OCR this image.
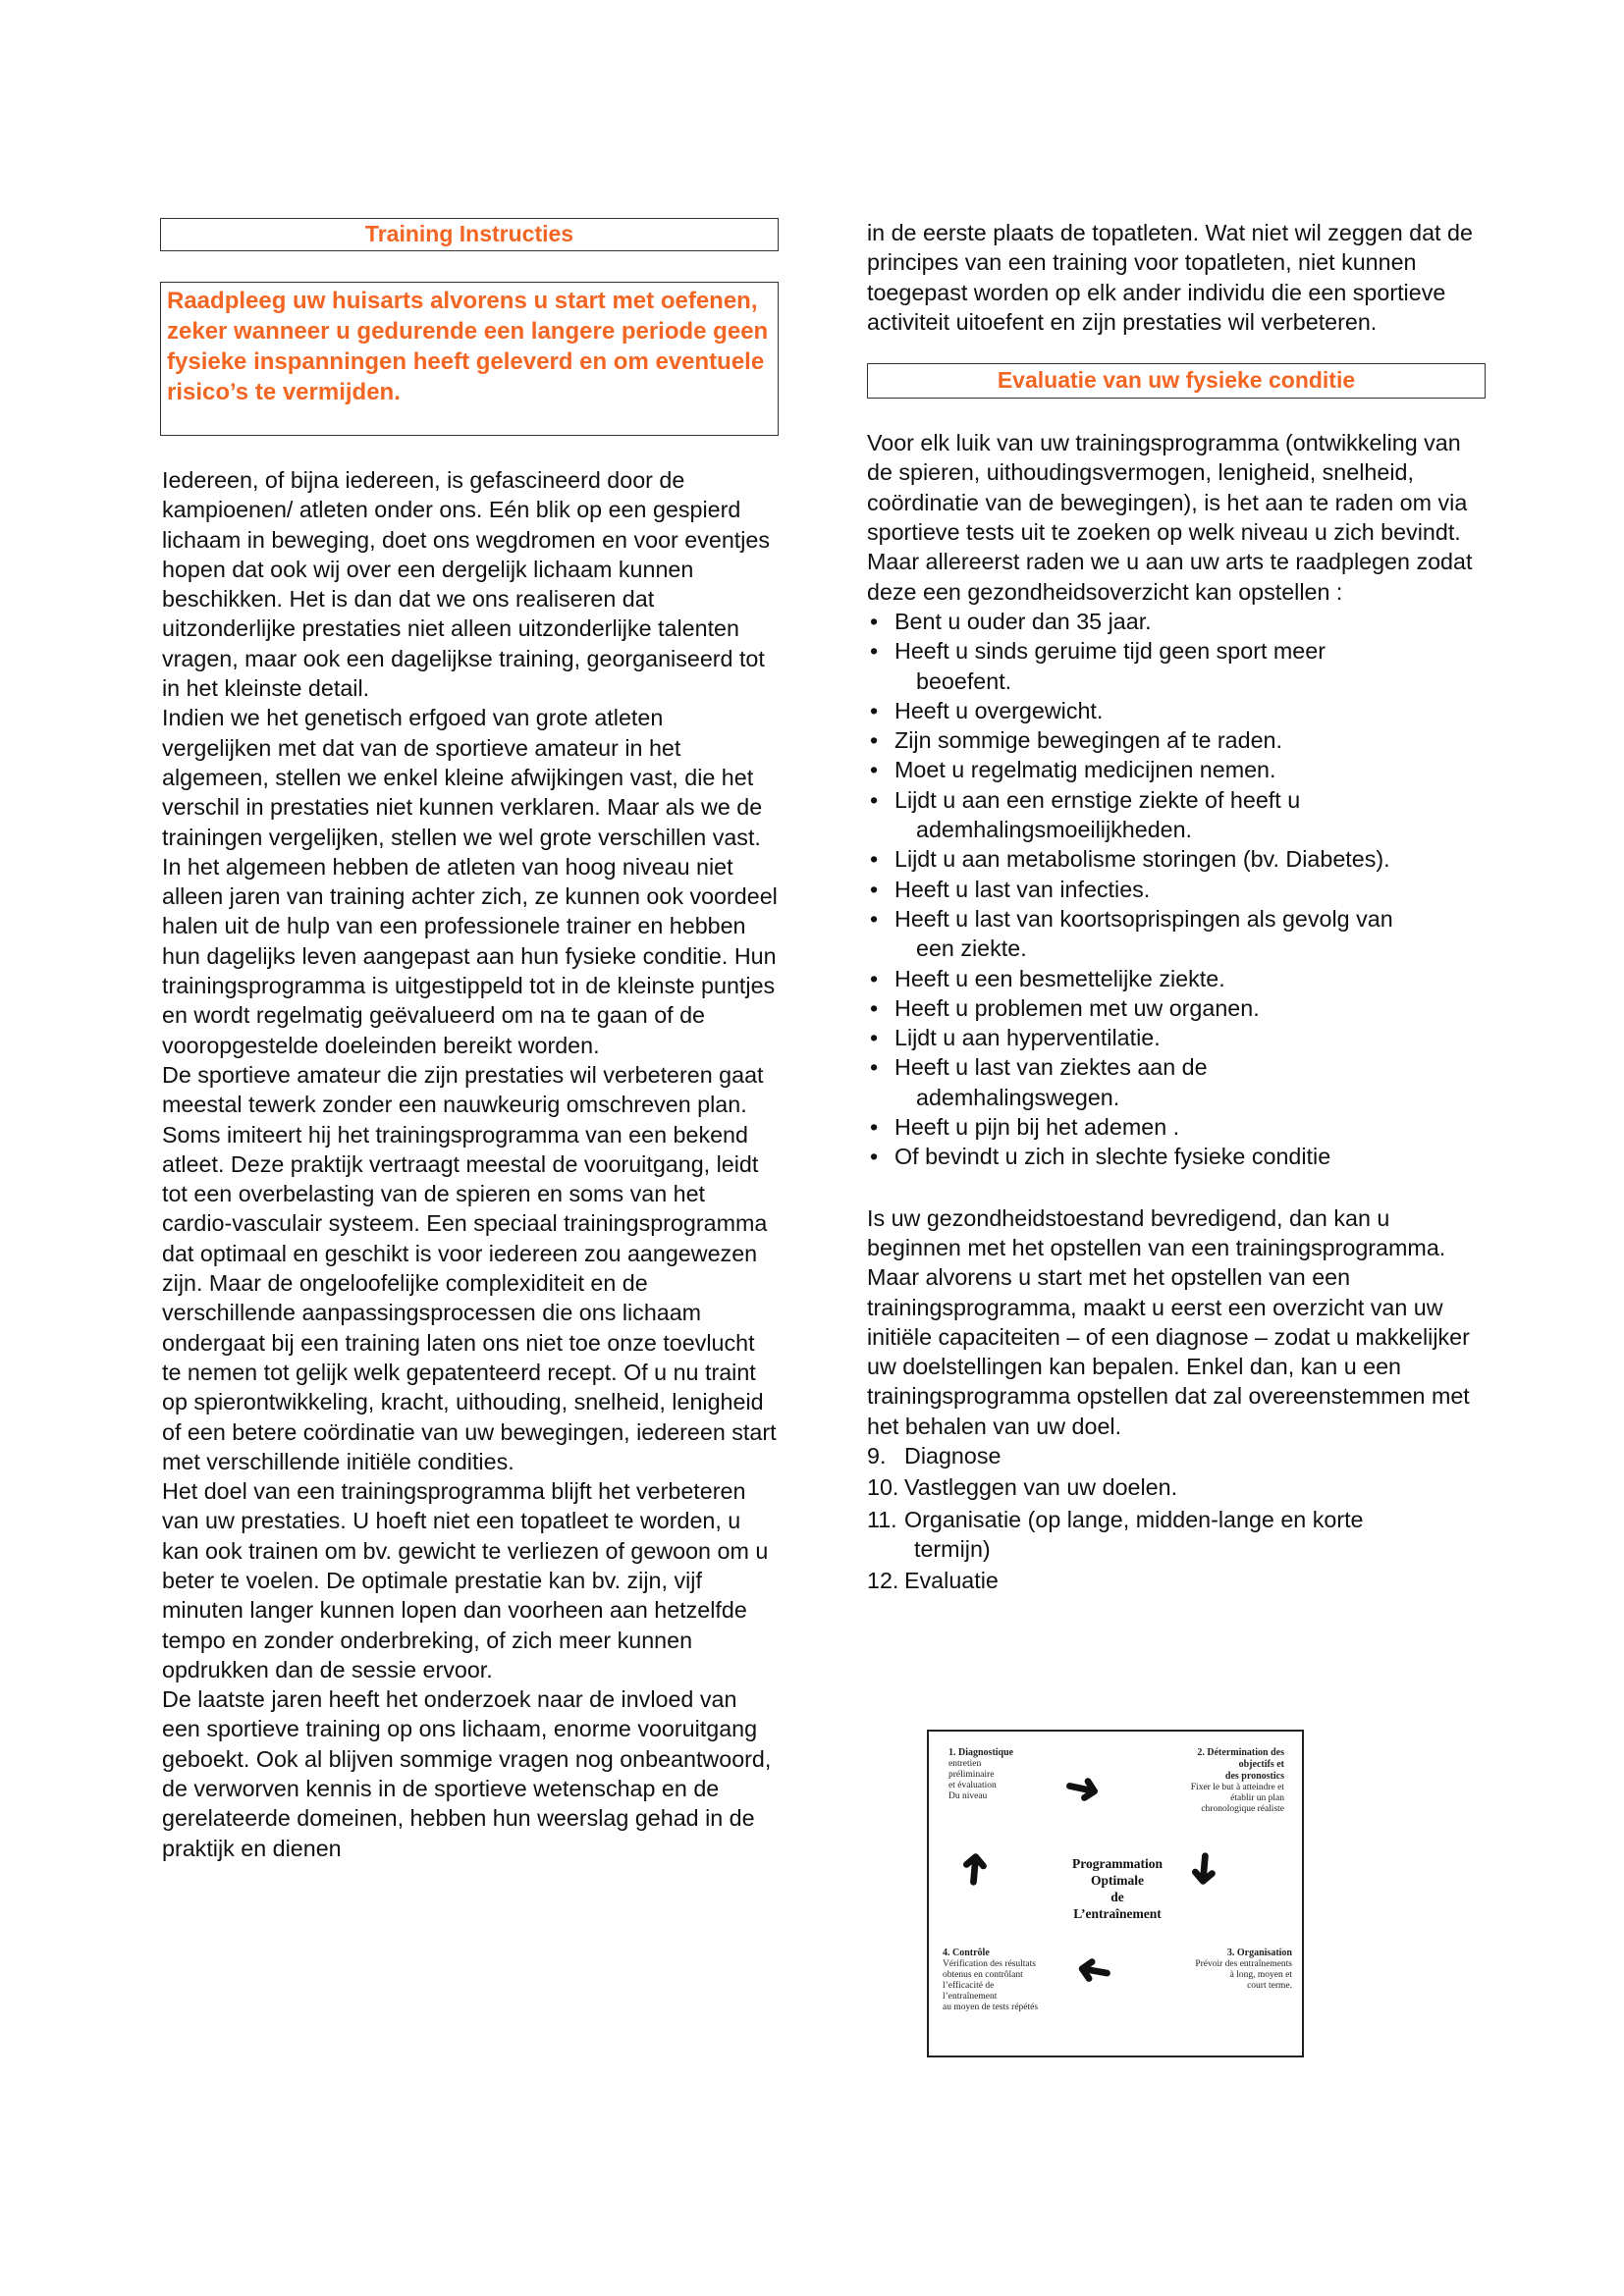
Training Instructies
Raadpleeg uw huisarts alvorens u start met oefenen, zeker wanneer u gedurende een langere periode geen fysieke inspanningen heeft geleverd en om eventuele risico’s te vermijden.

Iedereen, of bijna iedereen, is gefascineerd door de kampioenen/ atleten onder ons. Eén blik op een gespierd lichaam in beweging, doet ons wegdromen en voor eventjes hopen dat ook wij over een dergelijk lichaam kunnen beschikken. Het is dan dat we ons realiseren dat uitzonderlijke prestaties niet alleen uitzonderlijke talenten vragen, maar ook een dagelijkse training, georganiseerd tot in het kleinste detail.

Indien we het genetisch erfgoed van grote atleten vergelijken met dat van de sportieve amateur in het algemeen, stellen we enkel kleine afwijkingen vast, die het verschil in prestaties niet kunnen verklaren. Maar als we de trainingen vergelijken, stellen we wel grote verschillen vast. In het algemeen hebben de atleten van hoog niveau niet alleen jaren van training achter zich, ze kunnen ook voordeel halen uit de hulp van een professionele trainer en hebben hun dagelijks leven aangepast aan hun fysieke conditie. Hun trainingsprogramma is uitgestippeld tot in de kleinste puntjes en wordt regelmatig geëvalueerd om na te gaan of de vooropgestelde doeleinden bereikt worden.

De sportieve amateur die zijn prestaties wil verbeteren gaat meestal tewerk zonder een nauwkeurig omschreven plan. Soms imiteert hij het trainingsprogramma van een bekend atleet. Deze praktijk vertraagt meestal de vooruitgang, leidt tot een overbelasting van de spieren en soms van het cardio-vasculair systeem. Een speciaal trainingsprogramma dat optimaal en geschikt is voor iedereen zou aangewezen zijn. Maar de ongeloofelijke complexiditeit en de verschillende aanpassingsprocessen die ons lichaam ondergaat bij een training laten ons niet toe onze toevlucht te nemen tot gelijk welk gepatenteerd recept. Of u nu traint op spierontwikkeling, kracht, uithouding, snelheid, lenigheid of een betere coördinatie van uw bewegingen, iedereen start met verschillende initiële condities.

Het doel van een trainingsprogramma blijft het verbeteren van uw prestaties. U hoeft niet een topatleet te worden, u kan ook trainen om bv. gewicht te verliezen of gewoon om u beter te voelen. De optimale prestatie kan bv. zijn, vijf minuten langer kunnen lopen dan voorheen aan hetzelfde tempo en zonder onderbreking, of zich meer kunnen opdrukken dan de sessie ervoor.

De laatste jaren heeft het onderzoek naar de invloed van een sportieve training op ons lichaam, enorme vooruitgang geboekt. Ook al blijven sommige vragen nog onbeantwoord, de verworven kennis in de sportieve wetenschap en de gerelateerde domeinen, hebben hun weerslag gehad in de praktijk en dienen

in de eerste plaats de topatleten. Wat niet wil zeggen dat de principes van een training voor topatleten, niet kunnen toegepast worden op elk ander individu die een sportieve activiteit uitoefent en zijn prestaties wil verbeteren.

Evaluatie van uw fysieke conditie

Voor elk luik van uw trainingsprogramma (ontwikkeling van de spieren, uithoudingsvermogen, lenigheid, snelheid, coördinatie van de bewegingen), is het aan te raden om via sportieve tests uit te zoeken op welk niveau u zich bevindt. Maar allereerst raden we u aan uw arts te raadplegen zodat deze een gezondheidsoverzicht kan opstellen :

• Bent u ouder dan 35 jaar.
• Heeft u sinds geruime tijd geen sport meer
beoefent.
• Heeft u overgewicht.
• Zijn sommige bewegingen af te raden.
• Moet u regelmatig medicijnen nemen.
• Lijdt u aan een ernstige ziekte of heeft u
ademhalingsmoeilijkheden.
• Lijdt u aan metabolisme storingen (bv. Diabetes).
• Heeft u last van infecties.
• Heeft u last van koortsoprispingen als gevolg van
een ziekte.
• Heeft u een besmettelijke ziekte.
• Heeft u problemen met uw organen.
• Lijdt u aan hyperventilatie.
• Heeft u last van ziektes aan de
ademhalingswegen.
• Heeft u pijn bij het ademen .
• Of bevindt u zich in slechte fysieke conditie

Is uw gezondheidstoestand bevredigend, dan kan u beginnen met het opstellen van een trainingsprogramma. Maar alvorens u start met het opstellen van een trainingsprogramma, maakt u eerst een overzicht van uw initiële capaciteiten – of een diagnose – zodat u makkelijker uw doelstellingen kan bepalen. Enkel dan, kan u een trainingsprogramma opstellen dat zal overeenstemmen met het behalen van uw doel.

9. Diagnose
10. Vastleggen van uw doelen.
11. Organisatie (op lange, midden-lange en korte
termijn)
12. Evaluatie
1. Diagnostique
entretien
préliminaire
et évaluation
Du niveau
2. Détermination des
objectifs et
des pronostics
Fixer le but à atteindre et
établir un plan
chronologique réaliste
Programmation
Optimale
de
L’entraînement
3. Organisation
Prévoir des entraînements
à long, moyen et
court terme.
4. Contrôle
Vérification des résultats
obtenus en contrôlant
l’efficacité de
l’entraînement
au moyen de tests répétés
➜
➜
➜
➜
